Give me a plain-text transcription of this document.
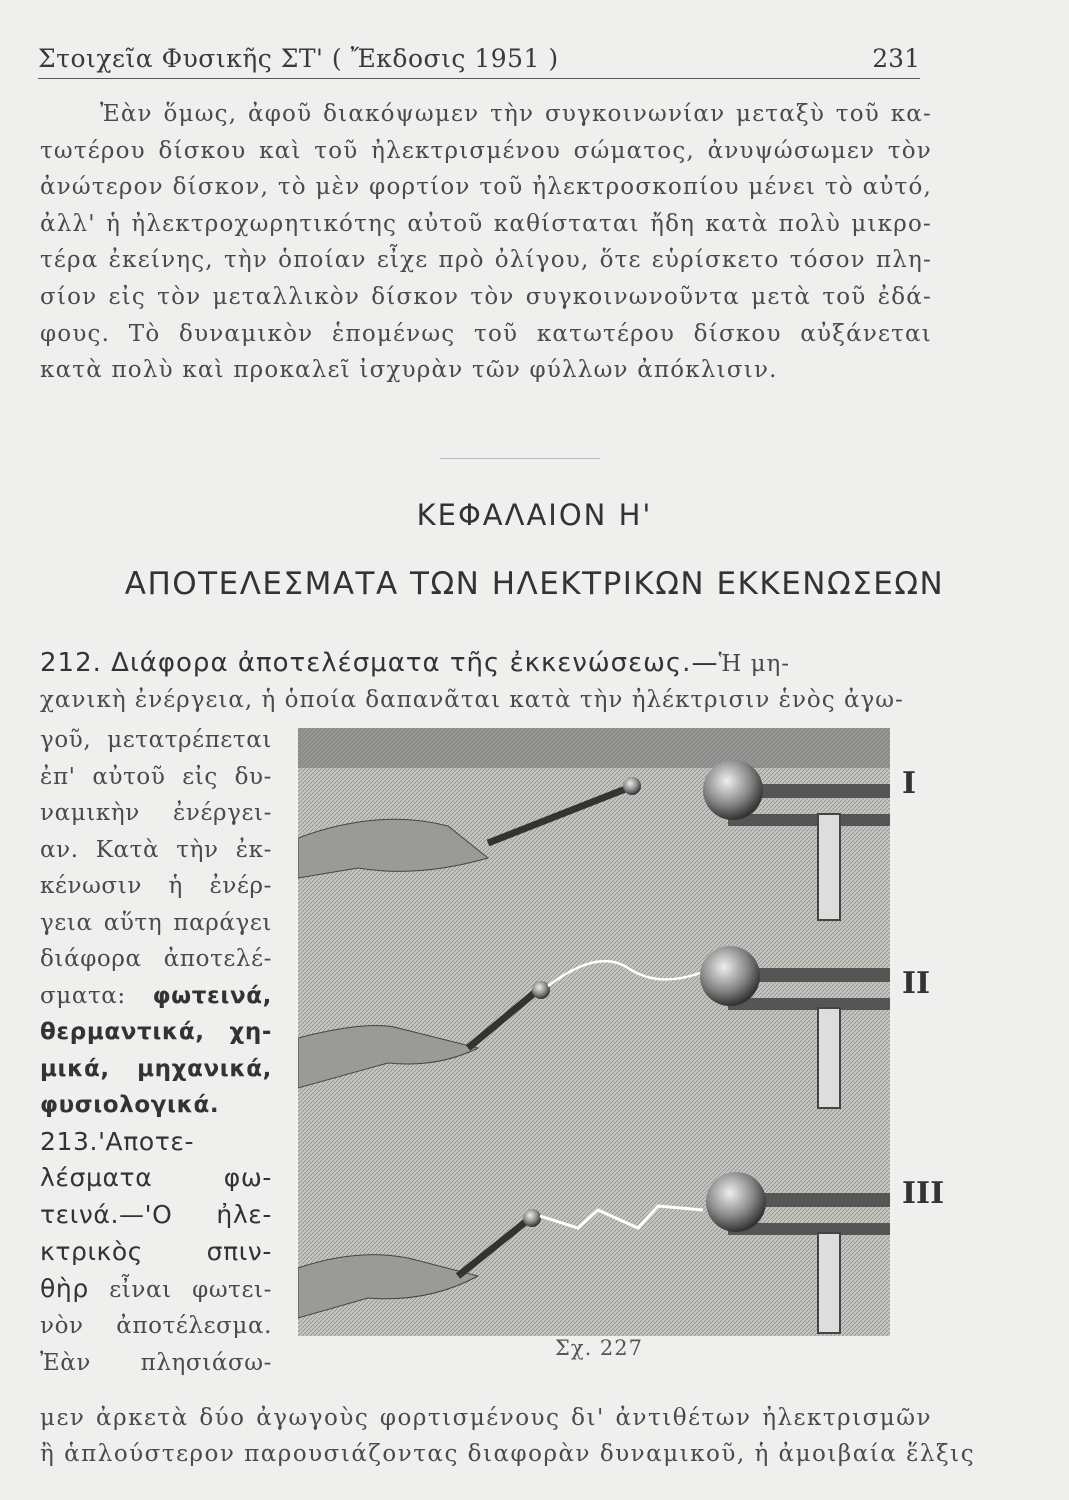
Στοιχεῖα Φυσικῆς ΣΤ' ( Ἔκδοσις 1951 )	231

Ἐὰν ὅμως, ἀφοῦ διακόψωμεν τὴν συγκοινωνίαν μεταξὺ τοῦ κα- τωτέρου δίσκου καὶ τοῦ ἠλεκτρισμένου σώματος, ἀνυψώσωμεν τὸν ἀνώτερον δίσκον, τὸ μὲν φορτίον τοῦ ἠλεκτροσκοπίου μένει τὸ αὐτό, ἀλλ' ἡ ἠλεκτροχωρητικότης αὐτοῦ καθίσταται ἤδη κατὰ πολὺ μικρο- τέρα ἐκείνης, τὴν ὁποίαν εἶχε πρὸ ὀλίγου, ὅτε εὑρίσκετο τόσον πλη- σίον εἰς τὸν μεταλλικὸν δίσκον τὸν συγκοινωνοῦντα μετὰ τοῦ ἐδά- φους. Τὸ δυναμικὸν ἑπομένως τοῦ κατωτέρου δίσκου αὐξάνεται κατὰ πολὺ καὶ προκαλεῖ ἰσχυρὰν τῶν φύλλων ἀπόκλισιν.

ΚΕΦΑΛΑΙΟΝ Η'
ΑΠΟΤΕΛΕΣΜΑΤΑ ΤΩΝ ΗΛΕΚΤΡΙΚΩΝ ΕΚΚΕΝΩΣΕΩΝ
212. Διάφορα ἀποτελέσματα τῆς ἐκκενώσεως.—Ἡ μη-
χανικὴ ἐνέργεια, ἡ ὁποία δαπανᾶται κατὰ τὴν ἠλέκτρισιν ἑνὸς ἀγω-
γοῦ, μετατρέπεται
ἐπ' αὐτοῦ εἰς δυ-
ναμικὴν ἐνέργει-
αν. Κατὰ τὴν ἐκ-
κένωσιν ἡ ἐνέρ-
γεια αὕτη παράγει
διάφορα ἀποτελέ-
σματα: φωτεινά,
θερμαντικά, χη-
μικά, μηχανικά,
φυσιολογικά.
213.'Αποτε-
λέσματα φω-
τεινά.—'Ο ἠλε-
κτρικὸς σπιν-
θὴρ εἶναι φωτει-
νὸν ἀποτέλεσμα.
Ἐὰν πλησιάσω-
I
II
III
Σχ. 227
μεν ἀρκετὰ δύο ἀγωγοὺς φορτισμένους δι' ἀντιθέτων ἠλεκτρισμῶν
ἢ ἁπλούστερον παρουσιάζοντας διαφορὰν δυναμικοῦ, ἡ ἀμοιβαία ἕλξις
